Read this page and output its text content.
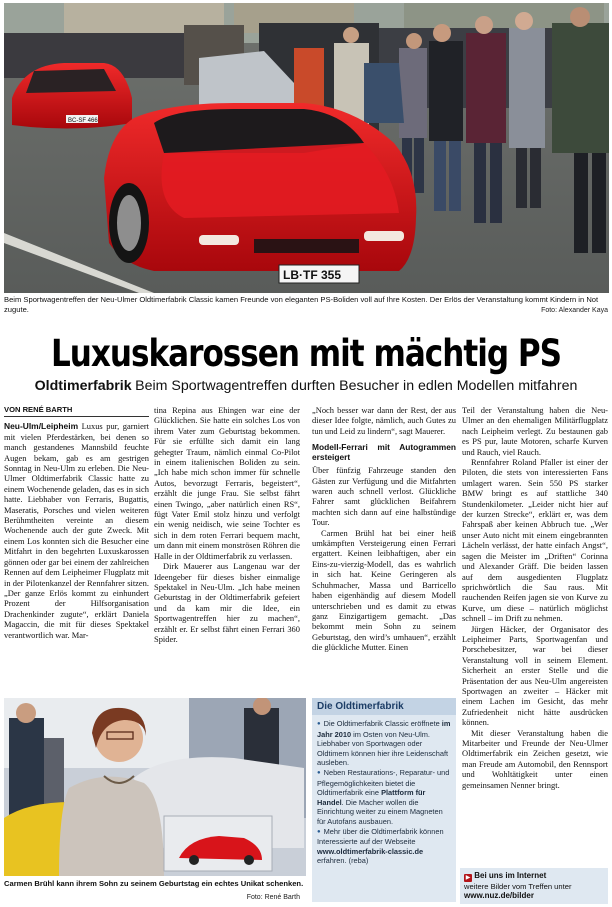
BC-SF 466
LB·TF 355
Beim Sportwagentreffen der Neu-Ulmer Oldtimerfabrik Classic kamen Freunde von eleganten PS-Boliden voll auf Ihre Kosten. Der Erlös der Veranstaltung kommt Kindern in Not zugute.	Foto: Alexander Kaya
Luxuskarossen mit mächtig PS
Oldtimerfabrik Beim Sportwagentreffen durften Besucher in edlen Modellen mitfahren
VON RENÉ BARTH

Neu-Ulm/Leipheim Luxus pur, garniert mit vielen Pferdestärken, bei denen so manch gestandenes Mannsbild feuchte Augen bekam, gab es am gestrigen Sonntag in Neu-Ulm zu erleben. Die Neu-Ulmer Oldtimerfabrik Classic hatte zu einem Wochenende geladen, das es in sich hatte. Liebhaber von Ferraris, Bugattis, Maseratis, Porsches und vielen weiteren Berühmtheiten vereinte an diesem Wochenende auch der gute Zweck. Mit einem Los konnten sich die Besucher eine Mitfahrt in den begehrten Luxuskarossen gönnen oder gar bei einem der zahlreichen Rennen auf dem Leipheimer Flugplatz mit in der Pilotenkanzel der Rennfahrer sitzen. „Der ganze Erlös kommt zu einhundert Prozent der Hilfsorganisation Drachenkinder zugute“, erklärt Daniela Magaccin, die mit für dieses Spektakel verantwortlich war. Mar-

tina Repina aus Ehingen war eine der Glücklichen. Sie hatte ein solches Los von ihrem Vater zum Geburtstag bekommen. Für sie erfüllte sich damit ein lang gehegter Traum, nämlich einmal Co-Pilot in einem italienischen Boliden zu sein. „Ich habe mich schon immer für schnelle Autos, bevorzugt Ferraris, begeistert“, erzählt die junge Frau. Sie selbst fährt einen Twingo, „aber natürlich einen RS“, fügt Vater Emil stolz hinzu und verfolgt ein wenig neidisch, wie seine Tochter es sich in dem roten Ferrari bequem macht, um dann mit einem monströsen Röhren die Halle in der Oldtimerfabrik zu verlassen.

Dirk Mauerer aus Langenau war der Ideengeber für dieses bisher einmalige Spektakel in Neu-Ulm. „Ich habe meinen Geburtstag in der Oldtimerfabrik gefeiert und da kam mir die Idee, ein Sportwagentreffen hier zu machen“, erzählt er. Er selbst fährt einen Ferrari 360 Spider.

„Noch besser war dann der Rest, der aus dieser Idee folgte, nämlich, auch Gutes zu tun und Leid zu lindern“, sagt Mauerer.

Modell-Ferrari mit Autogrammen ersteigert

Über fünfzig Fahrzeuge standen den Gästen zur Verfügung und die Mitfahrten waren auch schnell verlost. Glückliche Fahrer samt glücklichen Beifahrern machten sich dann auf eine halbstündige Tour.

Carmen Brühl hat bei einer heiß umkämpften Versteigerung einen Ferrari ergattert. Keinen leibhaftigen, aber ein Eins-zu-vierzig-Modell, das es wahrlich in sich hat. Keine Geringeren als Schuhmacher, Massa und Barricello haben eigenhändig auf diesem Modell unterschrieben und es damit zu etwas ganz Einzigartigem gemacht. „Das bekommt mein Sohn zu seinem Geburtstag, den wird’s umhauen“, erzählt die glückliche Mutter. Einen

Teil der Veranstaltung haben die Neu-Ulmer an den ehemaligen Militärflugplatz nach Leipheim verlegt. Zu bestaunen gab es PS pur, laute Motoren, scharfe Kurven und Rauch, viel Rauch.

Rennfahrer Roland Pfaller ist einer der Piloten, die stets von interessierten Fans umlagert waren. Sein 550 PS starker BMW bringt es auf stattliche 340 Stundenkilometer. „Leider nicht hier auf der kurzen Strecke“, erklärt er, was dem Fahrspaß aber keinen Abbruch tue. „Wer unser Auto nicht mit einem eingebrannten Lächeln verlässt, der hatte einfach Angst“, sagen die Meister im „Driften“ Corinna und Alexander Gräff. Die beiden lassen auf dem ausgedienten Flugplatz sprichwörtlich die Sau raus. Mit rauchenden Reifen jagen sie von Kurve zu Kurve, um diese – natürlich möglichst schnell – im Drift zu nehmen.

Jürgen Häcker, der Organisator des Leipheimer Parts, Sportwagenfan und Porschebesitzer, war bei dieser Veranstaltung voll in seinem Element. Sicherheit an erster Stelle und die Präsentation der aus Neu-Ulm angereisten Sportwagen an zweiter – Häcker mit einem Lachen im Gesicht, das mehr Zufriedenheit nicht hätte ausdrücken können.

Mit dieser Veranstaltung haben die Mitarbeiter und Freunde der Neu-Ulmer Oldtimerfabrik ein Zeichen gesetzt, wie man Freude am Automobil, den Rennsport und Wohltätigkeit unter einen gemeinsamen Nenner bringt.

Carmen Brühl kann ihrem Sohn zu seinem Geburtstag ein echtes Unikat schenken.
Foto: René Barth
Die Oldtimerfabrik
● Die Oldtimerfabrik Classic eröffnete im Jahr 2010 im Osten von Neu-Ulm. Liebhaber von Sportwagen oder Oldtimern können hier ihre Leidenschaft ausleben.
● Neben Restaurations-, Reparatur- und Pflegemöglichkeiten bietet die Oldtimerfabrik eine Plattform für Handel. Die Macher wollen die Einrichtung weiter zu einem Magneten für Autofans ausbauen.
● Mehr über die Oldtimerfabrik können Interessierte auf der Webseite www.oldtimerfabrik-classic.de erfahren. (reba)
▶ Bei uns im Internet
weitere Bilder vom Treffen unter
www.nuz.de/bilder
